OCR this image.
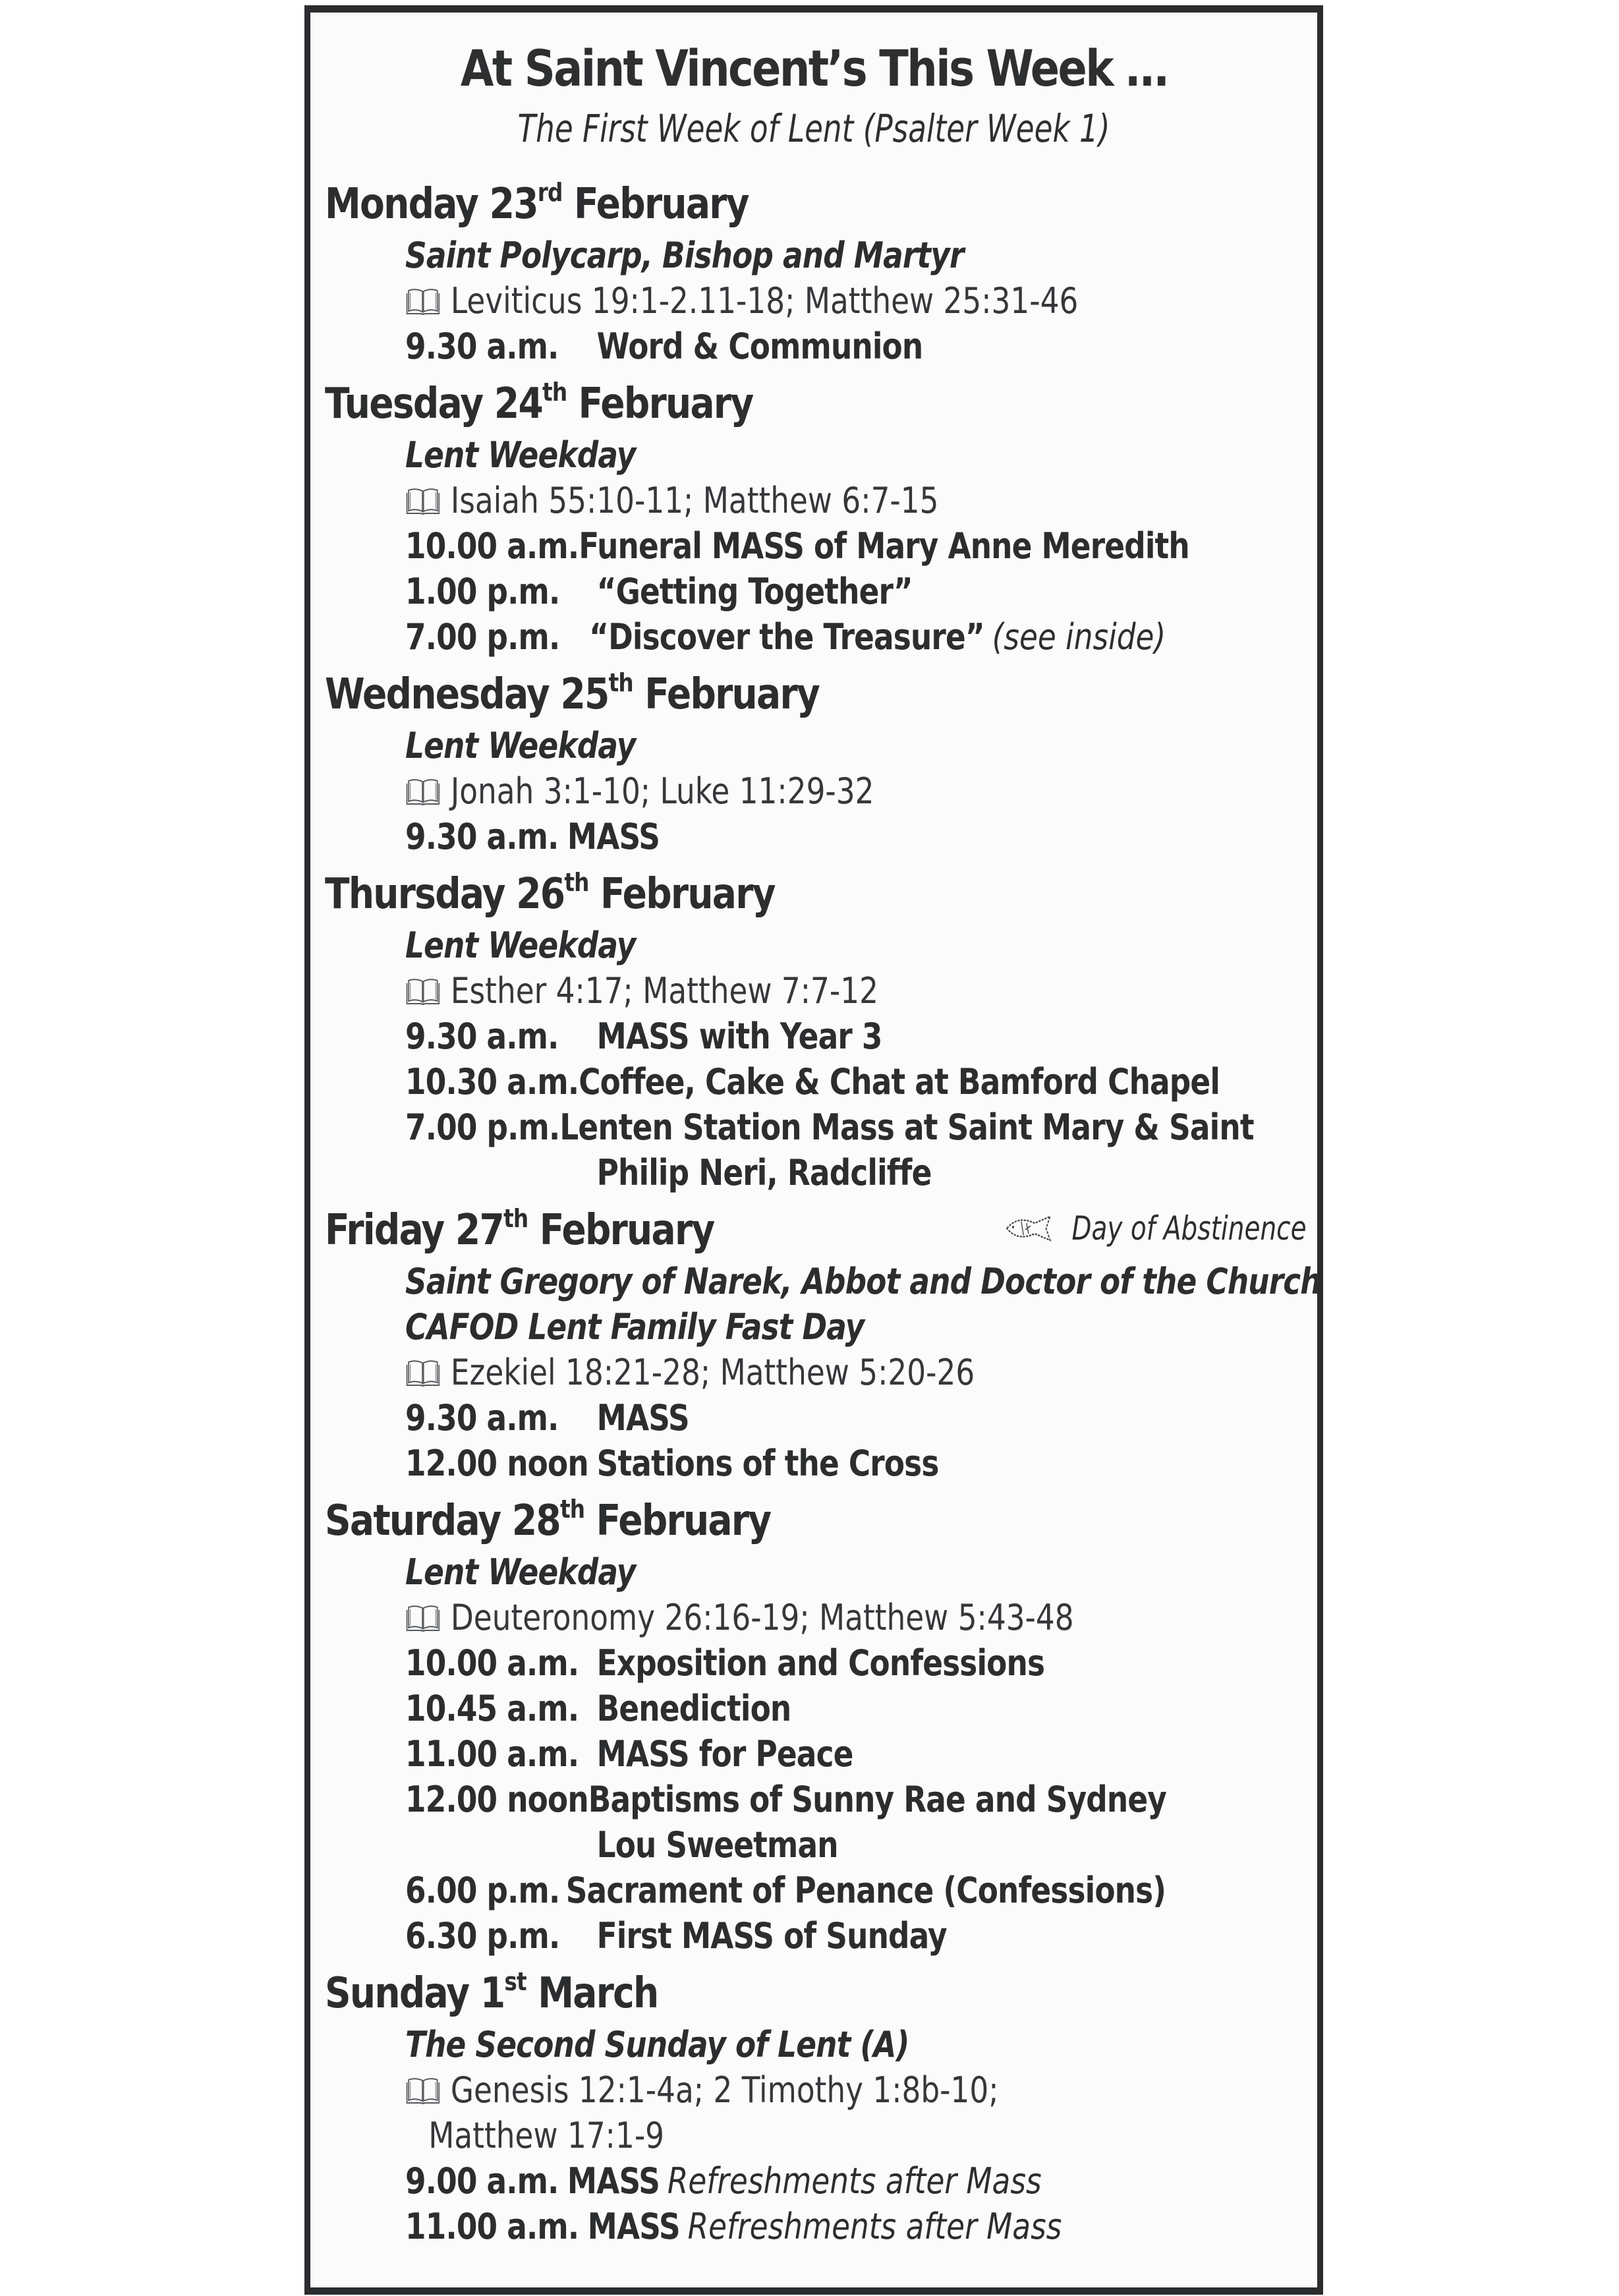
At Saint Vincent’s This Week …
The First Week of Lent (Psalter Week 1)
Monday 23rd February
Saint Polycarp, Bishop and Martyr
Leviticus 19:1-2.11-18; Matthew 25:31-46
9.30 a.m.	Word & Communion
Tuesday 24th February
Lent Weekday
Isaiah 55:10-11; Matthew 6:7-15
10.00 a.m. Funeral MASS of Mary Anne Meredith
1.00 p.m.	“Getting Together”
7.00 p.m. “Discover the Treasure” (see inside)
Wednesday 25th February
Lent Weekday
Jonah 3:1-10; Luke 11:29-32
9.30 a.m. MASS
Thursday 26th February
Lent Weekday
Esther 4:17; Matthew 7:7-12
9.30 a.m.	MASS with Year 3
10.30 a.m. Coffee, Cake & Chat at Bamford Chapel
7.00 p.m. Lenten Station Mass at Saint Mary & Saint
Philip Neri, Radcliffe
Friday 27th February	Day of Abstinence
Saint Gregory of Narek, Abbot and Doctor of the Church
CAFOD Lent Family Fast Day
Ezekiel 18:21-28; Matthew 5:20-26
9.30 a.m.	MASS
12.00 noon Stations of the Cross
Saturday 28th February
Lent Weekday
Deuteronomy 26:16-19; Matthew 5:43-48
10.00 a.m. Exposition and Confessions
10.45 a.m. Benediction
11.00 a.m. MASS for Peace
12.00 noon Baptisms of Sunny Rae and Sydney
Lou Sweetman
6.00 p.m. Sacrament of Penance (Confessions)
6.30 p.m.	First MASS of Sunday
Sunday 1st March
The Second Sunday of Lent (A)
Genesis 12:1-4a; 2 Timothy 1:8b-10;
Matthew 17:1-9
9.00 a.m. MASS Refreshments after Mass
11.00 a.m. MASS Refreshments after Mass
